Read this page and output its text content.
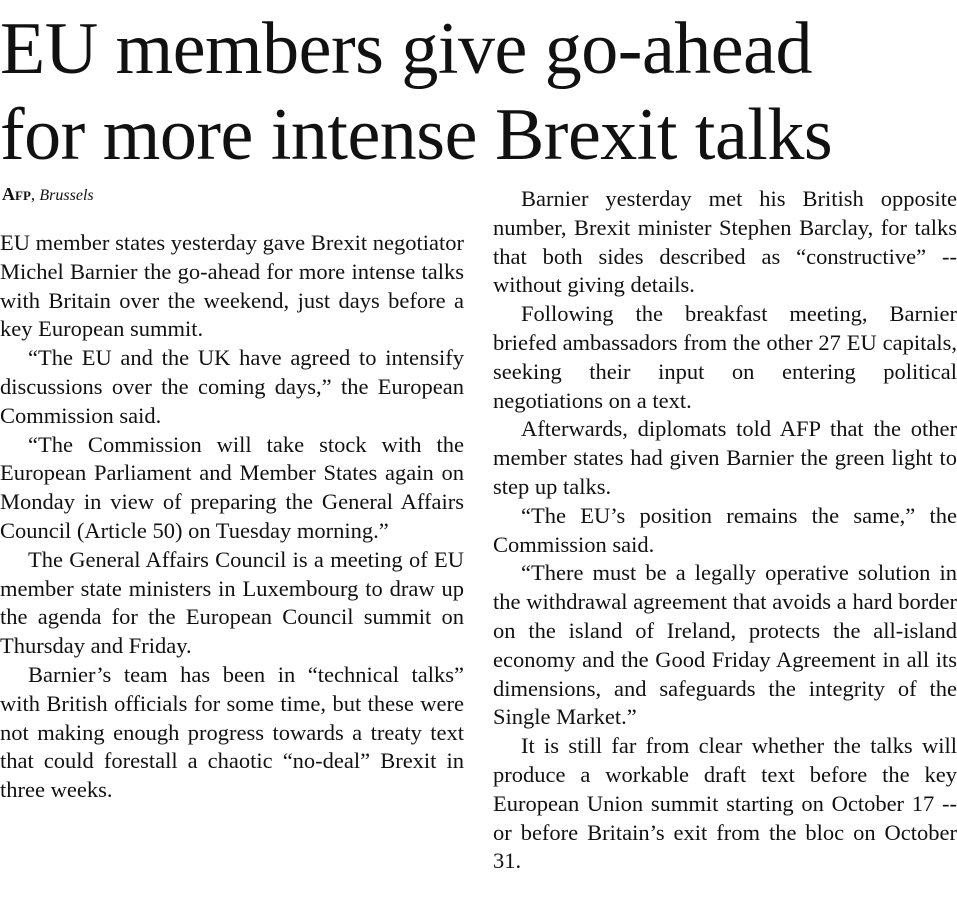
EU members give go-ahead
for more intense Brexit talks
Afp, Brussels

EU member states yesterday gave Brexit negotiator Michel Barnier the go-ahead for more intense talks with Britain over the weekend, just days before a key European summit.

“The EU and the UK have agreed to intensify discussions over the coming days,” the European Commission said.

“The Commission will take stock with the European Parliament and Member States again on Monday in view of preparing the General Affairs Council (Article 50) on Tuesday morning.”

The General Affairs Council is a meeting of EU member state ministers in Luxembourg to draw up the agenda for the European Council summit on Thursday and Friday.

Barnier’s team has been in “technical talks” with British officials for some time, but these were not making enough progress towards a treaty text that could forestall a chaotic “no-deal” Brexit in three weeks.

Barnier yesterday met his British opposite number, Brexit minister Stephen Barclay, for talks that both sides described as “constructive” -- without giving details.

Following the breakfast meeting, Barnier briefed ambassadors from the other 27 EU capitals, seeking their input on entering political negotiations on a text.

Afterwards, diplomats told AFP that the other member states had given Barnier the green light to step up talks.

“The EU’s position remains the same,” the Commission said.

“There must be a legally operative solution in the withdrawal agreement that avoids a hard border on the island of Ireland, protects the all-island economy and the Good Friday Agreement in all its dimensions, and safeguards the integrity of the Single Market.”

It is still far from clear whether the talks will produce a workable draft text before the key European Union summit starting on October 17 -- or before Britain’s exit from the bloc on October 31.
